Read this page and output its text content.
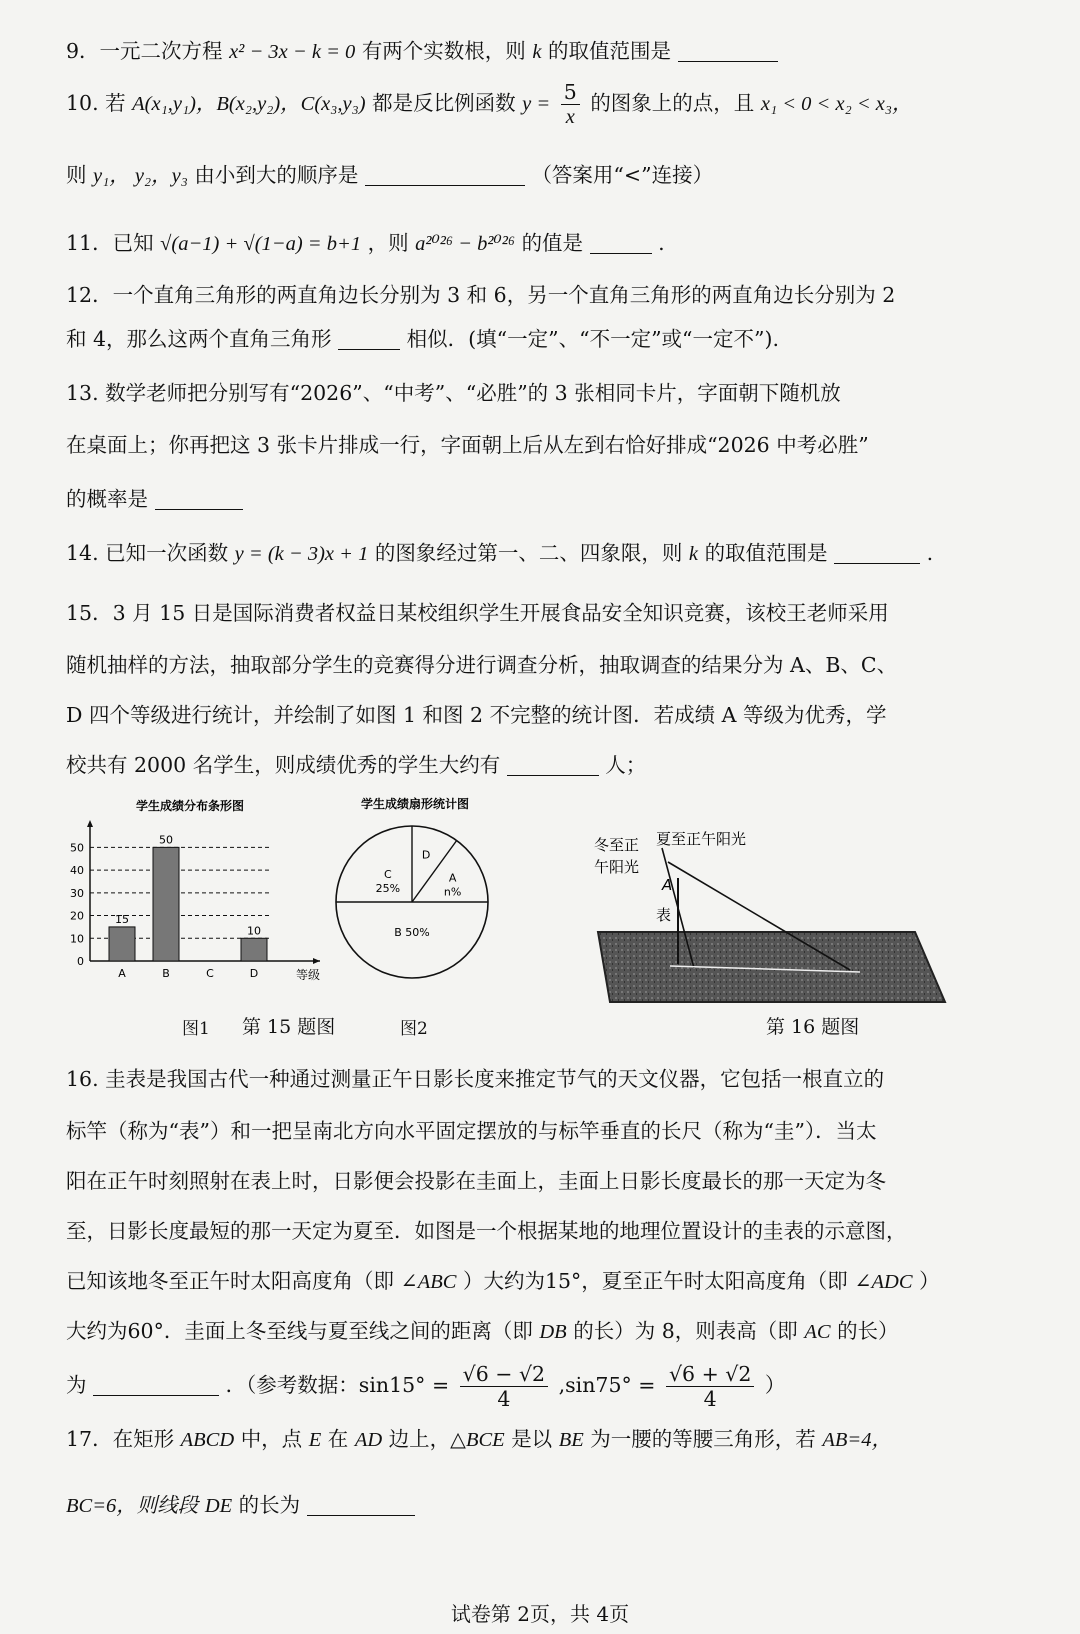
9．一元二次方程 x² − 3x − k = 0 有两个实数根，则 k 的取值范围是
10. 若 A(x₁,y₁)，B(x₂,y₂)，C(x₃,y₃) 都是反比例函数 $y = \frac{5}{x}$ 的图象上的点，且 x₁ < 0 < x₂ < x₃，
则 y₁， y₂，y₃ 由小到大的顺序是	（答案用“<”连接）
11．已知 √(a−1) + √(1−a) = b+1 ，则 a²⁰²⁶ − b²⁰²⁶ 的值是	.
12．一个直角三角形的两直角边长分别为 3 和 6，另一个直角三角形的两直角边长分别为 2
和 4，那么这两个直角三角形	相似．(填“一定”、“不一定”或“一定不”).
13. 数学老师把分别写有“2026”、“中考”、“必胜”的 3 张相同卡片，字面朝下随机放
在桌面上；你再把这 3 张卡片排成一行，字面朝上后从左到右恰好排成“2026 中考必胜”
的概率是
14. 已知一次函数 y = (k − 3)x + 1 的图象经过第一、二、四象限，则 k 的取值范围是	.
15．3 月 15 日是国际消费者权益日某校组织学生开展食品安全知识竞赛，该校王老师采用
随机抽样的方法，抽取部分学生的竞赛得分进行调查分析，抽取调查的结果分为 A、B、C、
D 四个等级进行统计，并绘制了如图 1 和图 2 不完整的统计图．若成绩 A 等级为优秀，学
校共有 2000 名学生，则成绩优秀的学生大约有	人；
学生成绩分布条形图
0
10
20
30
40
50
15
A
50
B	C
10
D	等级
学生成绩扇形统计图
B 50%
A
n%
D
C
25%
冬至正
午阳光
夏至正午阳光
A
表
图1 第 15 题图	图2	第 16 题图
16. 圭表是我国古代一种通过测量正午日影长度来推定节气的天文仪器，它包括一根直立的
标竿（称为“表”）和一把呈南北方向水平固定摆放的与标竿垂直的长尺（称为“圭”）．当太
阳在正午时刻照射在表上时，日影便会投影在圭面上，圭面上日影长度最长的那一天定为冬
至，日影长度最短的那一天定为夏至．如图是一个根据某地的地理位置设计的圭表的示意图，
已知该地冬至正午时太阳高度角（即 ∠ABC ）大约为15°，夏至正午时太阳高度角（即 ∠ADC ）
大约为60°．圭面上冬至线与夏至线之间的距离（即 DB 的长）为 8，则表高（即 AC 的长）
为	．（参考数据：$\sin 15^\circ = \frac{√6 - √2}{4} ,\sin 75^\circ = \frac{√6 + √2}{4}$ ）
17．在矩形 ABCD 中，点 E 在 AD 边上，△BCE 是以 BE 为一腰的等腰三角形，若 AB=4，
BC=6，则线段 DE 的长为
试卷第 2页，共 4页
